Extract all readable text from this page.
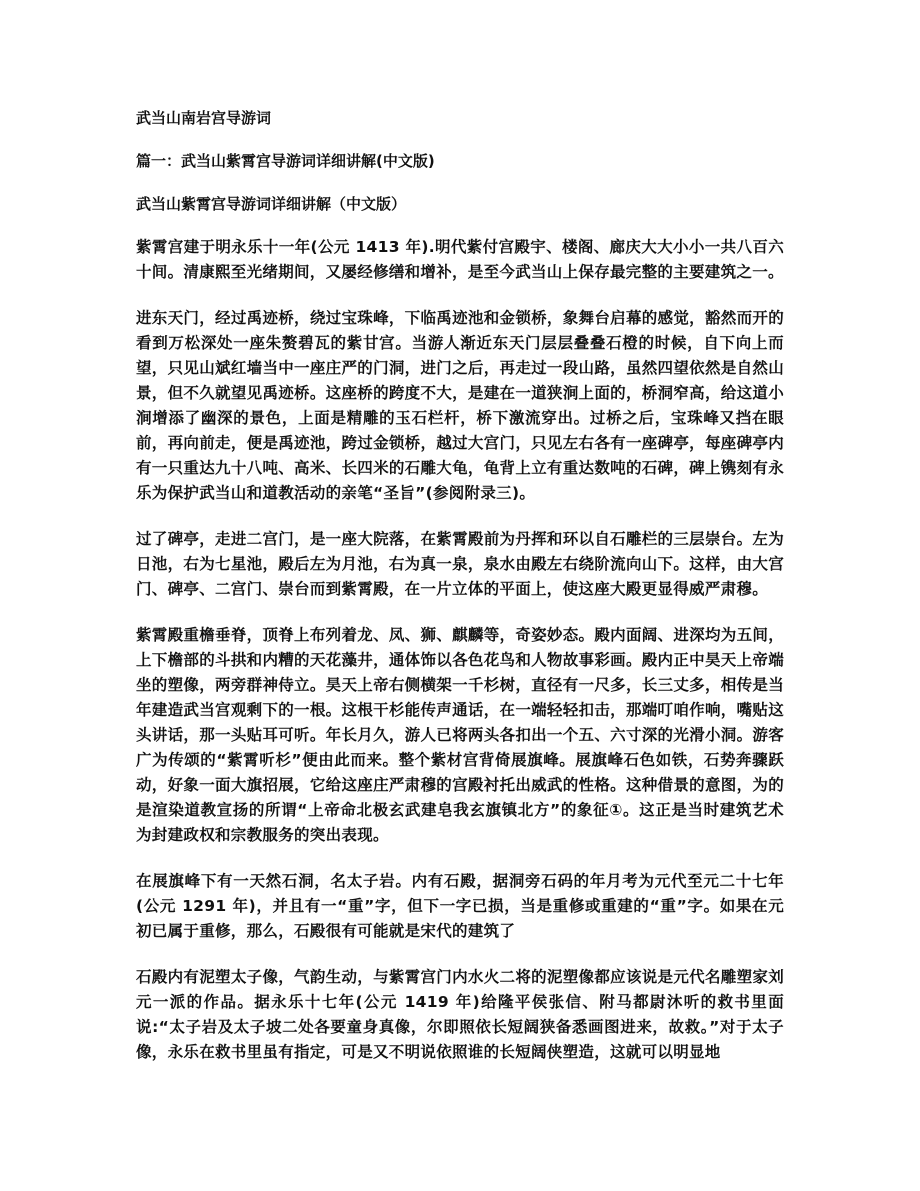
武当山南岩宫导游词

篇一：武当山紫霄宫导游词详细讲解(中文版)

武当山紫霄宫导游词详细讲解（中文版）

紫霄宫建于明永乐十一年(公元 1413 年).明代紫付宫殿宇、楼阁、廊庆大大小小一共八百六十间。清康熙至光绪期间，又屡经修缮和增补，是至今武当山上保存最完整的主要建筑之一。

进东天门，经过禹迹桥，绕过宝珠峰，下临禹迹池和金锁桥，象舞台启幕的感觉，豁然而开的看到万松深处一座朱赘碧瓦的紫甘宫。当游人渐近东天门层层叠叠石橙的时候，自下向上而望，只见山斌红墙当中一座庄严的门洞，进门之后，再走过一段山路，虽然四望依然是自然山景，但不久就望见禹迹桥。这座桥的跨度不大，是建在一道狭涧上面的，桥洞窄高，给这道小涧增添了幽深的景色，上面是精雕的玉石栏杆，桥下激流穿出。过桥之后，宝珠峰又挡在眼前，再向前走，便是禹迹池，跨过金锁桥，越过大宫门，只见左右各有一座碑亭，每座碑亭内有一只重达九十八吨、高米、长四米的石雕大龟，龟背上立有重达数吨的石碑，碑上镌刻有永乐为保护武当山和道教活动的亲笔“圣旨”(参阅附录三)。

过了碑亭，走进二宫门，是一座大院落，在紫霄殿前为丹挥和环以自石雕栏的三层崇台。左为日池，右为七星池，殿后左为月池，右为真一泉，泉水由殿左右绕阶流向山下。这样，由大宫门、碑亭、二宫门、崇台而到紫霄殿，在一片立体的平面上，使这座大殿更显得威严肃穆。

紫霄殿重檐垂脊，顶脊上布列着龙、凤、狮、麒麟等，奇姿妙态。殿内面阔、进深均为五间，上下檐部的斗拱和内糟的天花藻井，通体饰以各色花鸟和人物故事彩画。殿内正中昊天上帝端坐的塑像，两旁群神侍立。昊天上帝右侧横架一千杉树，直径有一尺多，长三丈多，相传是当年建造武当宫观剩下的一根。这根干杉能传声通话，在一端轻轻扣击，那端叮咱作响，嘴贴这头讲话，那一头贴耳可听。年长月久，游人已将两头各扣出一个五、六寸深的光滑小洞。游客广为传颂的“紫霄听杉”便由此而来。整个紫材宫背倚展旗峰。展旗峰石色如铁，石势奔骤跃动，好象一面大旗招展，它给这座庄严肃穆的宫殿衬托出威武的性格。这种借景的意图，为的是渲染道教宣扬的所谓“上帝命北极玄武建皂我玄旗镇北方”的象征①。这正是当时建筑艺术为封建政权和宗教服务的突出表现。

在展旗峰下有一天然石洞，名太子岩。内有石殿，据洞旁石码的年月考为元代至元二十七年(公元 1291 年)，并且有一“重”字，但下一字已损，当是重修或重建的“重”字。如果在元初已属于重修，那么，石殿很有可能就是宋代的建筑了

石殿内有泥塑太子像，气韵生动，与紫霄宫门内水火二将的泥塑像都应该说是元代名雕塑家刘元一派的作品。据永乐十七年(公元 1419 年)给隆平侯张信、附马都尉沐听的救书里面说:“太子岩及太子坡二处各要童身真像，尔即照依长短阔狭备悉画图进来，故救。”对于太子像，永乐在救书里虽有指定，可是又不明说依照谁的长短阔侠塑造，这就可以明显地
